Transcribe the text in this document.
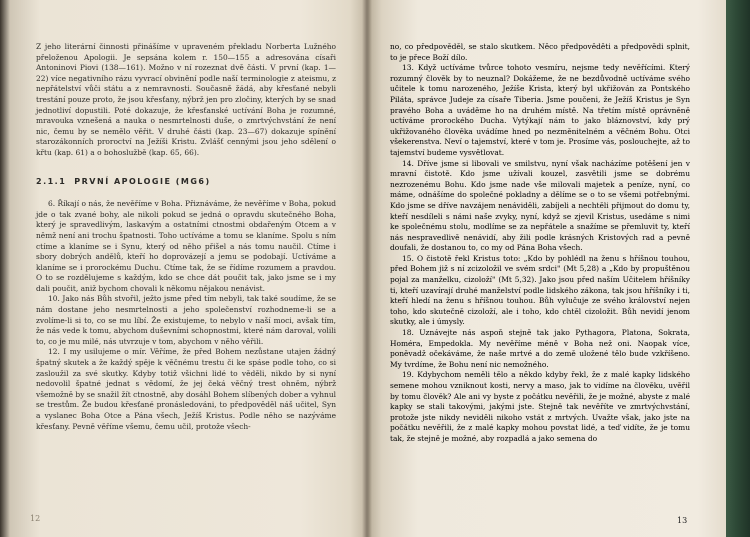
Z jeho literární činnosti přinášíme v upraveném překladu Norberta Lužného přeloženou Apologii. Je sepsána kolem r. 150—155 a adresována císaři Antoninovi Piovi (138—161). Možno v ní rozeznat dvě části. V první (kap. 1—22) více negativního rázu vyvrací obvinění podle naší terminologie z ateismu, z nepřátelství vůči státu a z nemravnosti. Současně žádá, aby křesťané nebyli trestání pouze proto, že jsou křesťany, nýbrž jen pro zločiny, kterých by se snad jednotliví dopustili. Poté dokazuje, že křesťanské uctívání Boha je rozumné, mravouka vznešená a nauka o nesmrtelnosti duše, o zmrtvýchvstání že není nic, čemu by se nemělo věřit. V druhé části (kap. 23—67) dokazuje spínění starozákonních proroctví na Ježíši Kristu. Zvlášť cennými jsou jeho sdělení o křtu (kap. 61) a o bohoslužbě (kap. 65, 66).

2.1.1 PRVNÍ APOLOGIE (MG6)

6. Říkají o nás, že nevěříme v Boha. Přiznáváme, že nevěříme v Boha, pokud jde o tak zvané bohy, ale nikoli pokud se jedná o opravdu skutečného Boha, který je spravedlivým, laskavým a ostatními ctnostmi obdařeným Otcem a v němž není ani trochu špatnosti. Toho uctíváme a tomu se klaníme. Spolu s ním ctíme a klaníme se i Synu, který od něho přišel a nás tomu naučil. Ctíme i sbory dobrých andělů, kteří ho doprovázejí a jemu se podobají. Uctíváme a klaníme se i prorockému Duchu. Ctíme tak, že se řídíme rozumem a pravdou. O to se rozdělujeme s každým, kdo se chce dát poučit tak, jako jsme se i my dali poučit, aniž bychom chovali k někomu nějakou nenávist.

10. Jako nás Bůh stvořil, ježto jsme před tím nebyli, tak také soudíme, že se nám dostane jeho nesmrtelnosti a jeho společenství rozhodneme-li se a zvolíme-li si to, co se mu líbí. Že existujeme, to nebylo v naší moci, avšak tím, že nás vede k tomu, abychom duševními schopnostmi, které nám daroval, volili to, co je mu milé, nás utvrzuje v tom, abychom v něho věřili.

12. I my usilujeme o mír. Věříme, že před Bohem nezůstane utajen žádný špatný skutek a že každý spěje k věčnému trestu či ke spáse podle toho, co si zasloužil za své skutky. Kdyby totiž všichni lidé to věděli, nikdo by si nyní nedovolil špatné jednat s vědomí, že jej čeká věčný trest ohněm, nýbrž všemožně by se snažil žít ctnostně, aby dosáhl Bohem slíbených dober a vyhnul se trestům. Že budou křesťané pronásledováni, to předpověděl náš učitel, Syn a vyslanec Boha Otce a Pána všech, Ježíš Kristus. Podle něho se nazýváme křesťany. Pevně věříme všemu, čemu učil, protože všech-

12

no, co předpověděl, se stalo skutkem. Něco předpověděti a předpovědi splnit, to je přece Boží dílo.

13. Když uctíváme tvůrce tohoto vesmíru, nejsme tedy nevěřícími. Který rozumný člověk by to neuznal? Dokážeme, že ne bezdůvodně uctíváme svého učitele k tomu narozeného, Ježíše Krista, který byl ukřižován za Pontského Piláta, správce Judeje za císaře Tiberia. Jsme poučeni, že Ježíš Kristus je Syn pravého Boha a uváděme ho na druhém místě. Na třetím místě oprávněně uctíváme prorockého Ducha. Vytýkají nám to jako bláznovství, kdy prý ukřižovaného člověka uvádíme hned po nezměnitelném a věčném Bohu. Otci všekerenstva. Neví o tajemství, které v tom je. Prosíme vás, poslouchejte, až to tajemství budeme vysvětlovat.

14. Dříve jsme si libovali ve smilstvu, nyní však nacházíme potěšení jen v mravní čistotě. Kdo jsme užívali kouzel, zasvětili jsme se dobrému nezrozenému Bohu. Kdo jsme nade vše milovali majetek a peníze, nyní, co máme, odnášíme do společné pokladny a dělíme se o to se všemi potřebnými. Kdo jsme se dříve navzájem nenáviděli, zabíjeli a nechtěli přijmout do domu ty, kteří nesdíleli s námi naše zvyky, nyní, když se zjevil Kristus, usedáme s nimi ke společnému stolu, modlíme se za nepřátele a snažíme se přemluvit ty, kteří nás nespravedlivě nenávidí, aby žili podle krásných Kristových rad a pevně doufali, že dostanou to, co my od Pána Boha všech.

15. O čistotě řekl Kristus toto: „Kdo by pohlédl na ženu s hříšnou touhou, před Bohem již s ní zcizoložil ve svém srdci" (Mt 5,28) a „Kdo by propuštěnou pojal za manželku, cizoloží" (Mt 5,32). Jako jsou před naším Učitelem hříšníky ti, kteří uzavírají druhé manželství podle lidského zákona, tak jsou hříšníky i ti, kteří hledí na ženu s hříšnou touhou. Bůh vylučuje ze svého království nejen toho, kdo skutečně cizoloží, ale i toho, kdo chtěl cizoložit. Bůh nevidí jenom skutky, ale i úmysly.

18. Uznávejte nás aspoň stejně tak jako Pythagora, Platona, Sokrata, Homéra, Empedokla. My nevěříme méně v Boha než oni. Naopak více, poněvadž očekáváme, že naše mrtvé a do země uložené tělo bude vzkříšeno. My tvrdíme, že Bohu není nic nemožného.

19. Kdybychom neměli tělo a někdo kdyby řekl, že z malé kapky lidského semene mohou vzniknout kosti, nervy a maso, jak to vidíme na člověku, uvěřil by tomu člověk? Ale ani vy byste z počátku nevěřili, že je možné, abyste z malé kapky se stali takovými, jakými jste. Stejně tak nevěříte ve zmrtvýchvstání, protože jste nikdy neviděli nikoho vstát z mrtvých. Uvažte však, jako jste na počátku nevěřili, že z malé kapky mohou povstat lidé, a teď vidíte, že je tomu tak, že stejně je možné, aby rozpadlá a jako semena do

13
